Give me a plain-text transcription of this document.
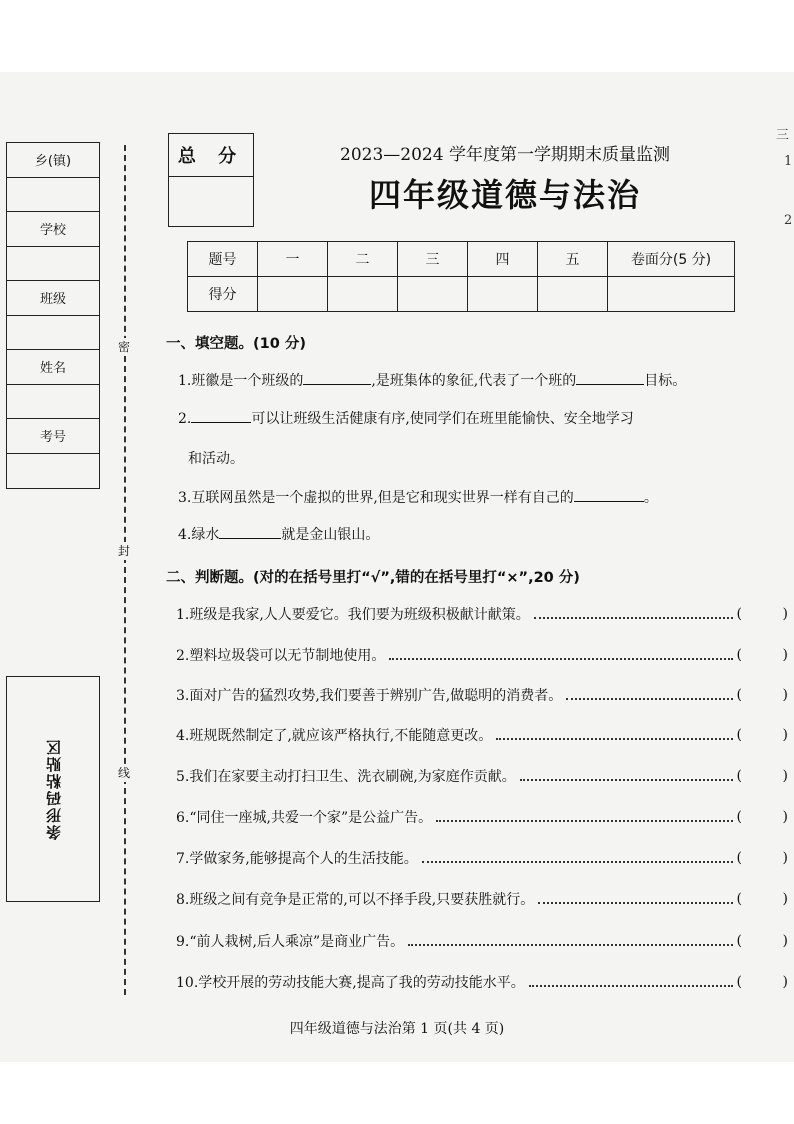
乡(镇)
学校
班级
姓名
考号
条形码粘贴区
密
封
线
总 分	2023—2024 学年度第一学期期末质量监测
四年级道德与法治
题号	一	二	三	四	五	卷面分(5 分)
得分						
一、填空题。(10 分)
1.班徽是一个班级的	,是班集体的象征,代表了一个班的	目标。
2.	可以让班级生活健康有序,使同学们在班里能愉快、安全地学习
和活动。
3.互联网虽然是一个虚拟的世界,但是它和现实世界一样有自己的	。
4.绿水	就是金山银山。
二、判断题。(对的在括号里打“√”,错的在括号里打“×”,20 分)
1.班级是我家,人人要爱它。我们要为班级积极献计献策。	(	)
2.塑料垃圾袋可以无节制地使用。	(	)
3.面对广告的猛烈攻势,我们要善于辨别广告,做聪明的消费者。	(	)
4.班规既然制定了,就应该严格执行,不能随意更改。	(	)
5.我们在家要主动打扫卫生、洗衣刷碗,为家庭作贡献。	(	)
6.“同住一座城,共爱一个家”是公益广告。	(	)
7.学做家务,能够提高个人的生活技能。	(	)
8.班级之间有竞争是正常的,可以不择手段,只要获胜就行。	(	)
9.“前人栽树,后人乘凉”是商业广告。	(	)
10.学校开展的劳动技能大赛,提高了我的劳动技能水平。	(	)
四年级道德与法治第 1 页(共 4 页)
三
1
2
